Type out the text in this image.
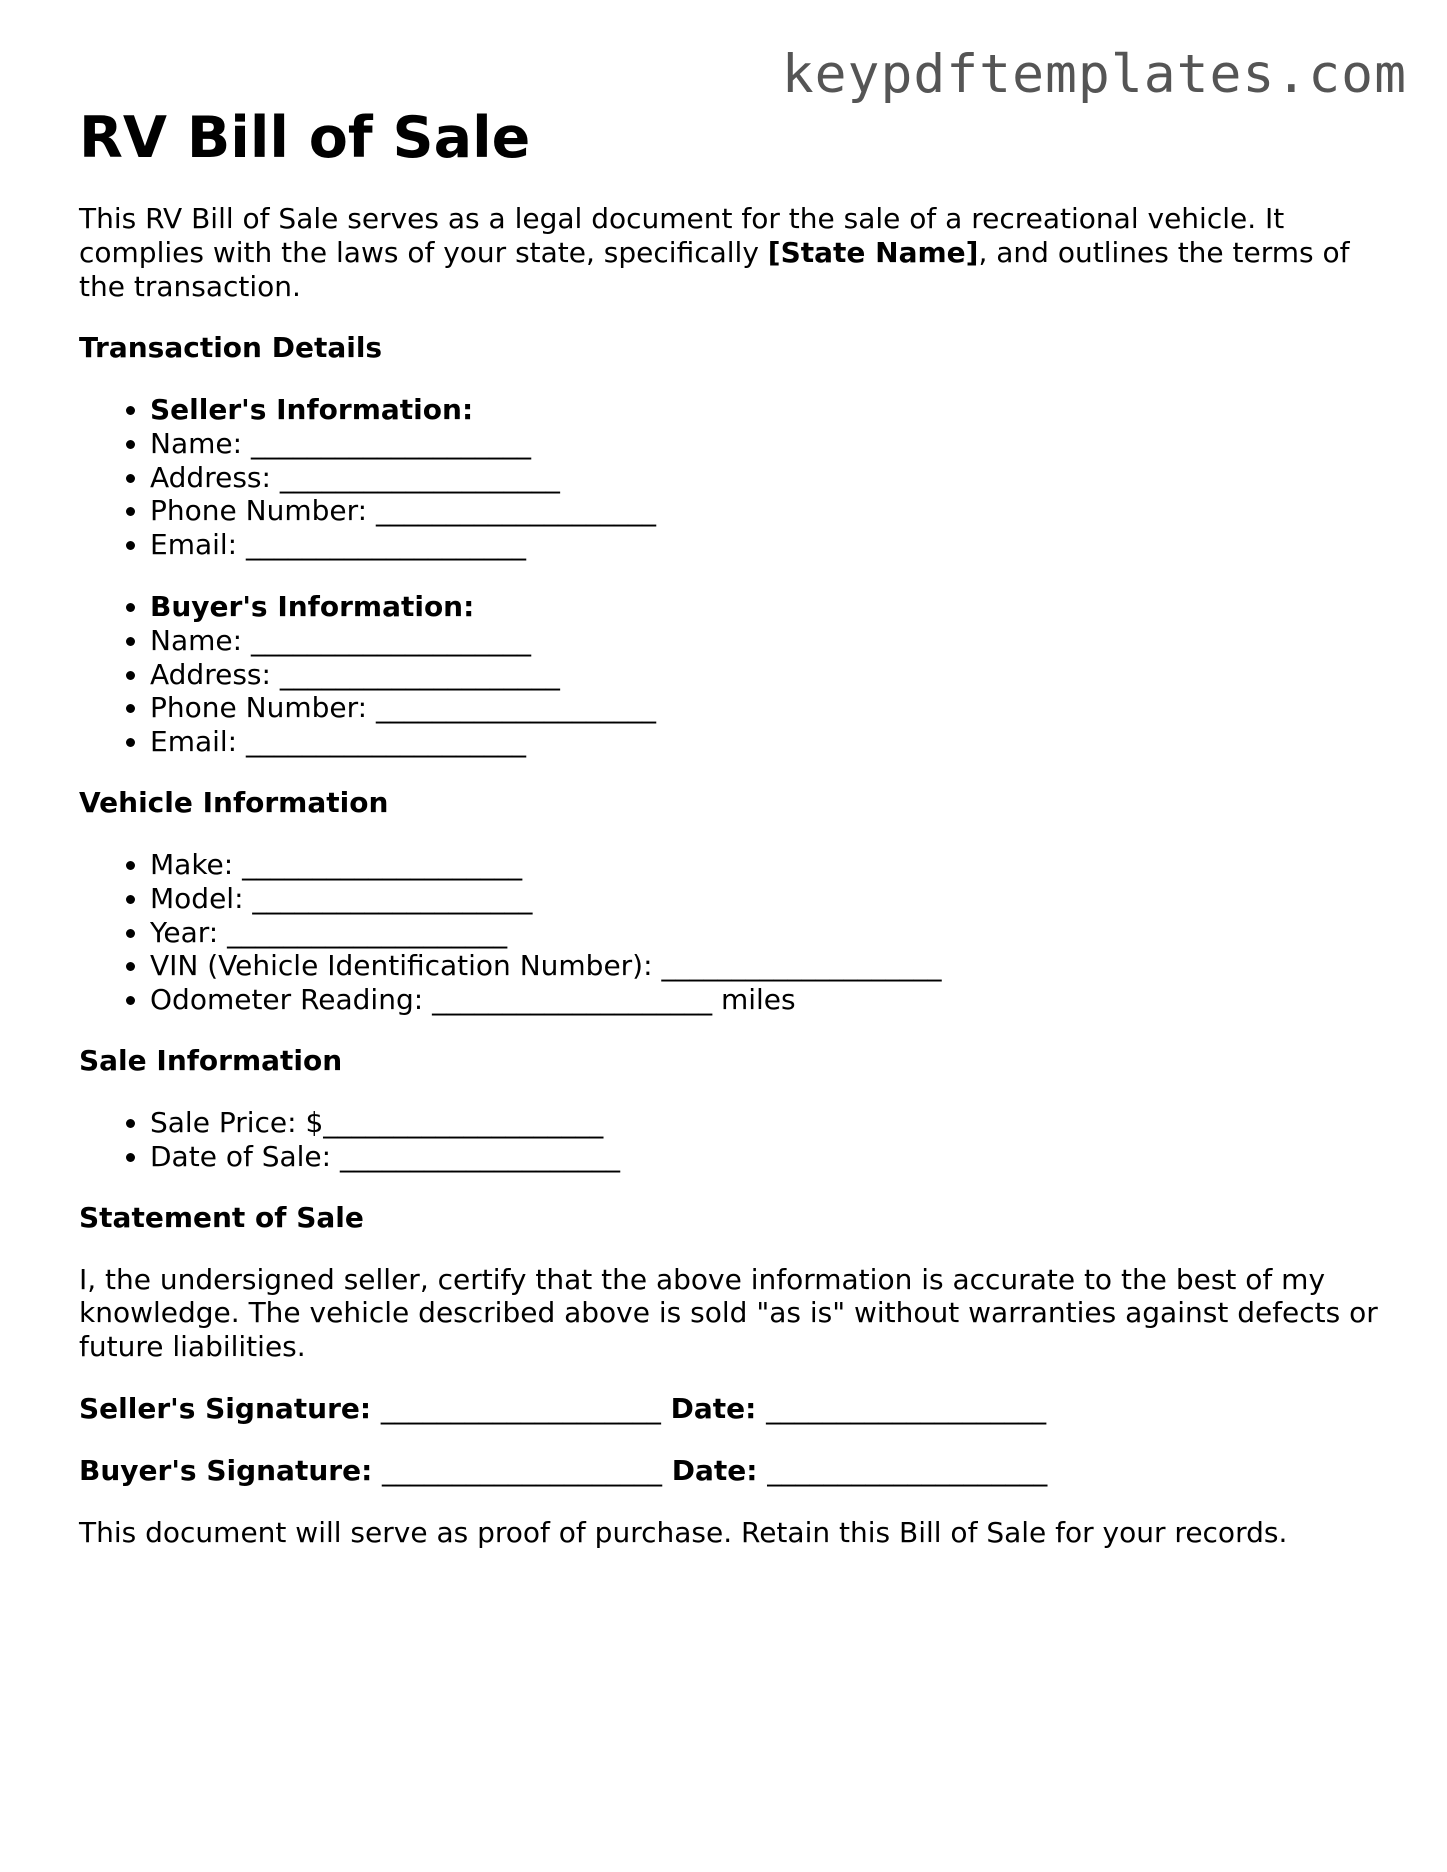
keypdftemplates.com
RV Bill of Sale

This RV Bill of Sale serves as a legal document for the sale of a recreational vehicle. It complies with the laws of your state, specifically [State Name], and outlines the terms of the transaction.

Transaction Details
• Seller's Information:
• Name: ____________________
• Address: ____________________
• Phone Number: ____________________
• Email: ____________________
• Buyer's Information:
• Name: ____________________
• Address: ____________________
• Phone Number: ____________________
• Email: ____________________
Vehicle Information
• Make: ____________________
• Model: ____________________
• Year: ____________________
• VIN (Vehicle Identification Number): ____________________
• Odometer Reading: ____________________ miles
Sale Information
• Sale Price: $____________________
• Date of Sale: ____________________
Statement of Sale

I, the undersigned seller, certify that the above information is accurate to the best of my knowledge. The vehicle described above is sold "as is" without warranties against defects or future liabilities.

Seller's Signature: ____________________ Date: ____________________

Buyer's Signature: ____________________ Date: ____________________

This document will serve as proof of purchase. Retain this Bill of Sale for your records.
